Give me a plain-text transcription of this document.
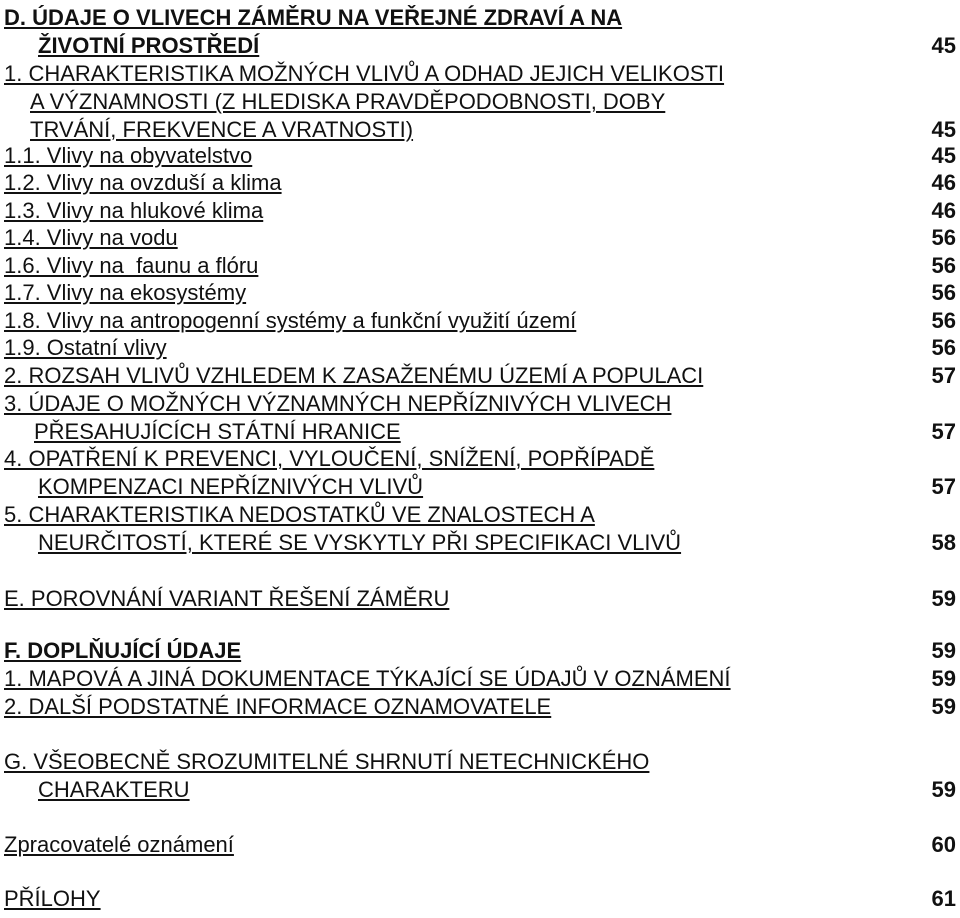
D. ÚDAJE O VLIVECH ZÁMĚRU NA VEŘEJNÉ ZDRAVÍ A NA
ŽIVOTNÍ PROSTŘEDÍ	45
1. CHARAKTERISTIKA MOŽNÝCH VLIVŮ A ODHAD JEJICH VELIKOSTI
A VÝZNAMNOSTI (Z HLEDISKA PRAVDĚPODOBNOSTI, DOBY
TRVÁNÍ, FREKVENCE A VRATNOSTI)	45
1.1. Vlivy na obyvatelstvo	45
1.2. Vlivy na ovzduší a klima	46
1.3. Vlivy na hlukové klima	46
1.4. Vlivy na vodu	56
1.6. Vlivy na  faunu a flóru	56
1.7. Vlivy na ekosystémy	56
1.8. Vlivy na antropogenní systémy a funkční využití území	56
1.9. Ostatní vlivy	56
2. ROZSAH VLIVŮ VZHLEDEM K ZASAŽENÉMU ÚZEMÍ A POPULACI	57
3. ÚDAJE O MOŽNÝCH VÝZNAMNÝCH NEPŘÍZNIVÝCH VLIVECH
PŘESAHUJÍCÍCH STÁTNÍ HRANICE	57
4. OPATŘENÍ K PREVENCI, VYLOUČENÍ, SNÍŽENÍ, POPŘÍPADĚ
KOMPENZACI NEPŘÍZNIVÝCH VLIVŮ	57
5. CHARAKTERISTIKA NEDOSTATKŮ VE ZNALOSTECH A
NEURČITOSTÍ, KTERÉ SE VYSKYTLY PŘI SPECIFIKACI VLIVŮ	58
E. POROVNÁNÍ VARIANT ŘEŠENÍ ZÁMĚRU	59
F. DOPLŇUJÍCÍ ÚDAJE	59
1. MAPOVÁ A JINÁ DOKUMENTACE TÝKAJÍCÍ SE ÚDAJŮ V OZNÁMENÍ	59
2. DALŠÍ PODSTATNÉ INFORMACE OZNAMOVATELE	59
G. VŠEOBECNĚ SROZUMITELNÉ SHRNUTÍ NETECHNICKÉHO
CHARAKTERU	59
Zpracovatelé oznámení	60
PŘÍLOHY	61
